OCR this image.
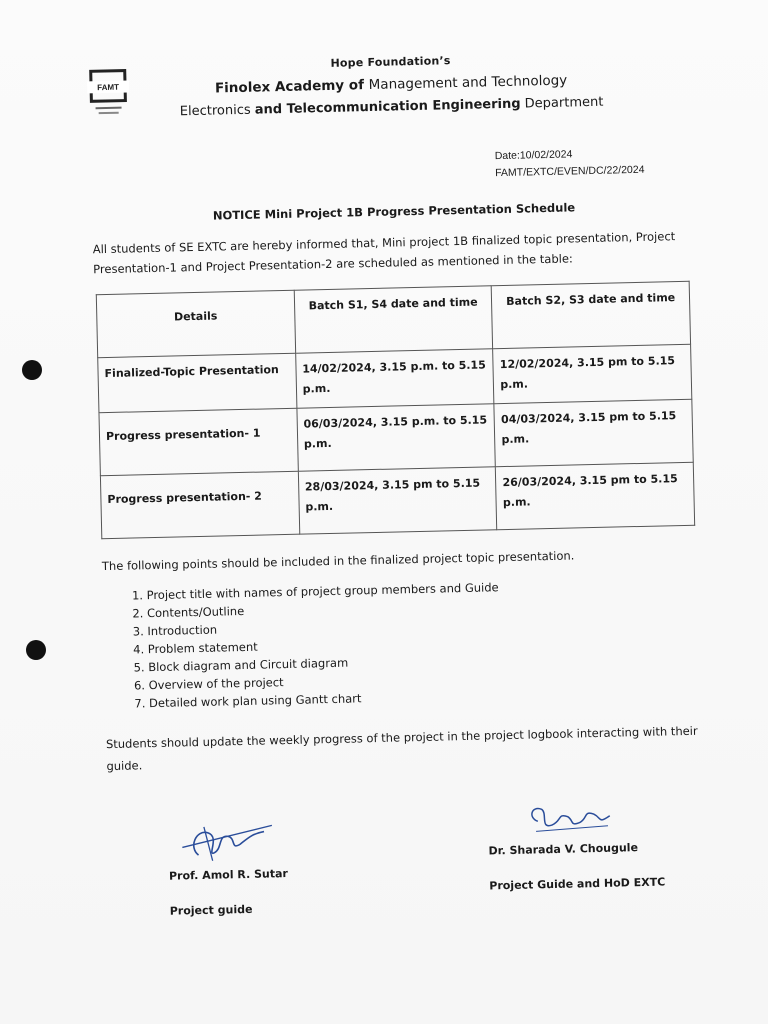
FAMT
Hope Foundation’s
Finolex Academy of Management and Technology
Electronics and Telecommunication Engineering Department
Date:10/02/2024
FAMT/EXTC/EVEN/DC/22/2024
NOTICE Mini Project 1B Progress Presentation Schedule
All students of SE EXTC are hereby informed that, Mini project 1B finalized topic presentation, Project Presentation-1 and Project Presentation-2 are scheduled as mentioned in the table:
Details	Batch S1, S4 date and time	Batch S2, S3 date and time
Finalized-Topic Presentation	14/02/2024, 3.15 p.m. to 5.15 p.m.	12/02/2024, 3.15 pm to 5.15 p.m.
Progress presentation- 1	06/03/2024, 3.15 p.m. to 5.15 p.m.	04/03/2024, 3.15 pm to 5.15 p.m.
Progress presentation- 2	28/03/2024, 3.15 pm to 5.15 p.m.	26/03/2024, 3.15 pm to 5.15 p.m.
The following points should be included in the finalized project topic presentation.
1. Project title with names of project group members and Guide
2. Contents/Outline
3. Introduction
4. Problem statement
5. Block diagram and Circuit diagram
6. Overview of the project
7. Detailed work plan using Gantt chart
Students should update the weekly progress of the project in the project logbook interacting with their guide.
Prof. Amol R. Sutar
Project guide
Dr. Sharada V. Chougule
Project Guide and HoD EXTC
